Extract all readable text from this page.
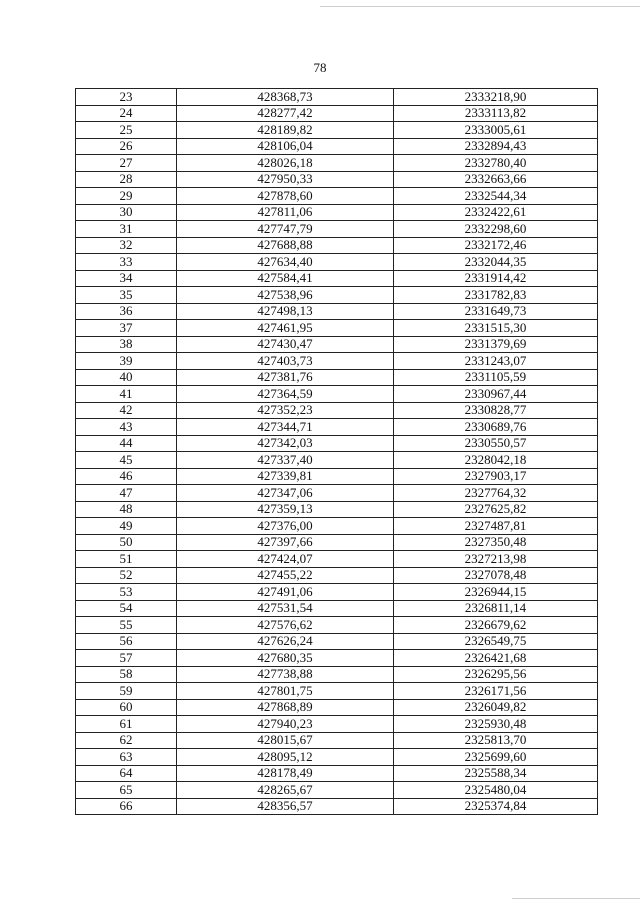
78
23	428368,73	2333218,90
24	428277,42	2333113,82
25	428189,82	2333005,61
26	428106,04	2332894,43
27	428026,18	2332780,40
28	427950,33	2332663,66
29	427878,60	2332544,34
30	427811,06	2332422,61
31	427747,79	2332298,60
32	427688,88	2332172,46
33	427634,40	2332044,35
34	427584,41	2331914,42
35	427538,96	2331782,83
36	427498,13	2331649,73
37	427461,95	2331515,30
38	427430,47	2331379,69
39	427403,73	2331243,07
40	427381,76	2331105,59
41	427364,59	2330967,44
42	427352,23	2330828,77
43	427344,71	2330689,76
44	427342,03	2330550,57
45	427337,40	2328042,18
46	427339,81	2327903,17
47	427347,06	2327764,32
48	427359,13	2327625,82
49	427376,00	2327487,81
50	427397,66	2327350,48
51	427424,07	2327213,98
52	427455,22	2327078,48
53	427491,06	2326944,15
54	427531,54	2326811,14
55	427576,62	2326679,62
56	427626,24	2326549,75
57	427680,35	2326421,68
58	427738,88	2326295,56
59	427801,75	2326171,56
60	427868,89	2326049,82
61	427940,23	2325930,48
62	428015,67	2325813,70
63	428095,12	2325699,60
64	428178,49	2325588,34
65	428265,67	2325480,04
66	428356,57	2325374,84
